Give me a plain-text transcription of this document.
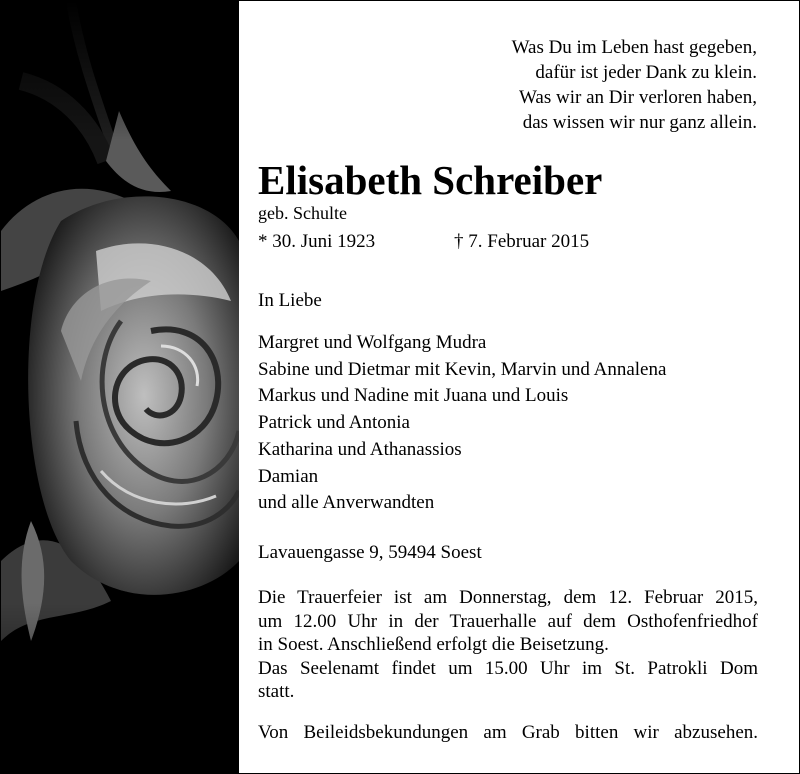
Was Du im Leben hast gegeben,
dafür ist jeder Dank zu klein.
Was wir an Dir verloren haben,
das wissen wir nur ganz allein.
Elisabeth Schreiber
geb. Schulte
* 30. Juni 1923	† 7. Februar 2015
In Liebe
Margret und Wolfgang Mudra
Sabine und Dietmar mit Kevin, Marvin und Annalena
Markus und Nadine mit Juana und Louis
Patrick und Antonia
Katharina und Athanassios
Damian
und alle Anverwandten
Lavauengasse 9, 59494 Soest
Die Trauerfeier ist am Donnerstag, dem 12. Februar 2015,
um 12.00 Uhr in der Trauerhalle auf dem Osthofenfriedhof
in Soest. Anschließend erfolgt die Beisetzung.
Das Seelenamt findet um 15.00 Uhr im St. Patrokli Dom
statt.
Von Beileidsbekundungen am Grab bitten wir abzusehen.
